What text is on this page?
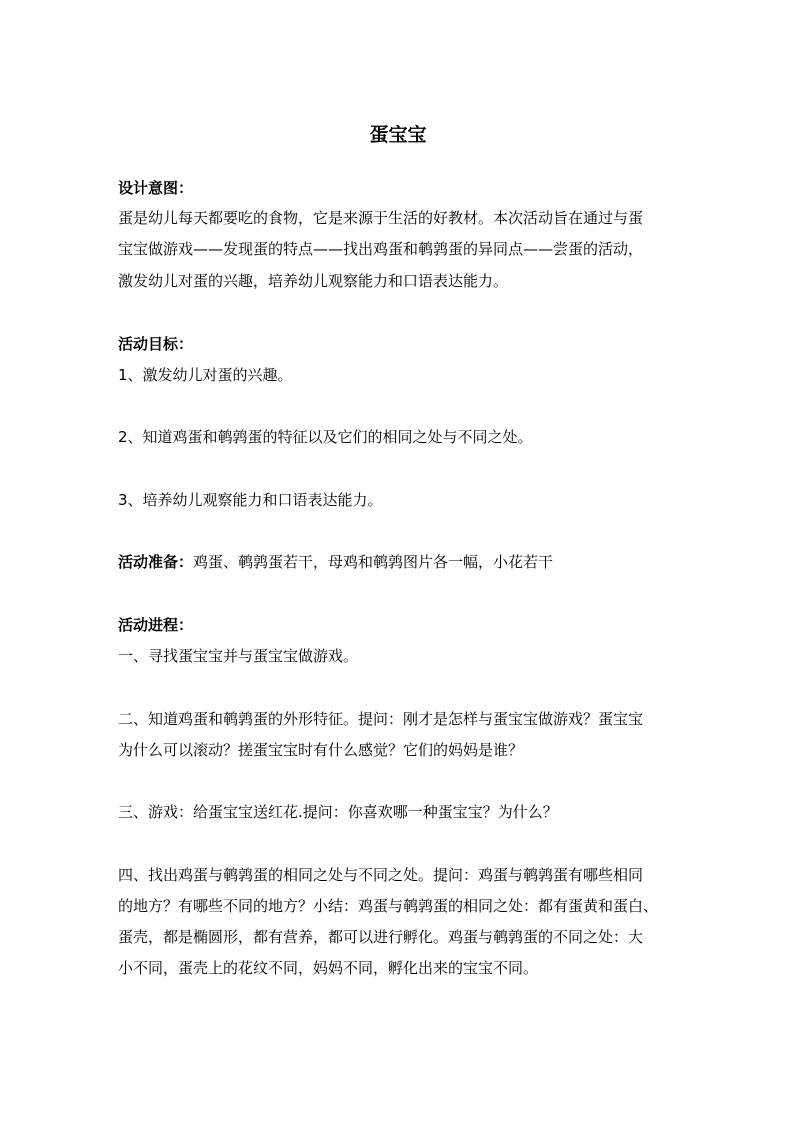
蛋宝宝
设计意图：
蛋是幼儿每天都要吃的食物，它是来源于生活的好教材。本次活动旨在通过与蛋
宝宝做游戏——发现蛋的特点——找出鸡蛋和鹌鹑蛋的异同点——尝蛋的活动，
激发幼儿对蛋的兴趣，培养幼儿观察能力和口语表达能力。
活动目标：
1、激发幼儿对蛋的兴趣。
2、知道鸡蛋和鹌鹑蛋的特征以及它们的相同之处与不同之处。
3、培养幼儿观察能力和口语表达能力。
活动准备：鸡蛋、鹌鹑蛋若干，母鸡和鹌鹑图片各一幅，小花若干
活动进程：
一、寻找蛋宝宝并与蛋宝宝做游戏。
二、知道鸡蛋和鹌鹑蛋的外形特征。提问：刚才是怎样与蛋宝宝做游戏？蛋宝宝
为什么可以滚动？搓蛋宝宝时有什么感觉？它们的妈妈是谁？
三、游戏：给蛋宝宝送红花.提问：你喜欢哪一种蛋宝宝？为什么？
四、找出鸡蛋与鹌鹑蛋的相同之处与不同之处。提问：鸡蛋与鹌鹑蛋有哪些相同
的地方？有哪些不同的地方？小结：鸡蛋与鹌鹑蛋的相同之处：都有蛋黄和蛋白、
蛋壳，都是椭圆形，都有营养，都可以进行孵化。鸡蛋与鹌鹑蛋的不同之处：大
小不同，蛋壳上的花纹不同，妈妈不同，孵化出来的宝宝不同。
